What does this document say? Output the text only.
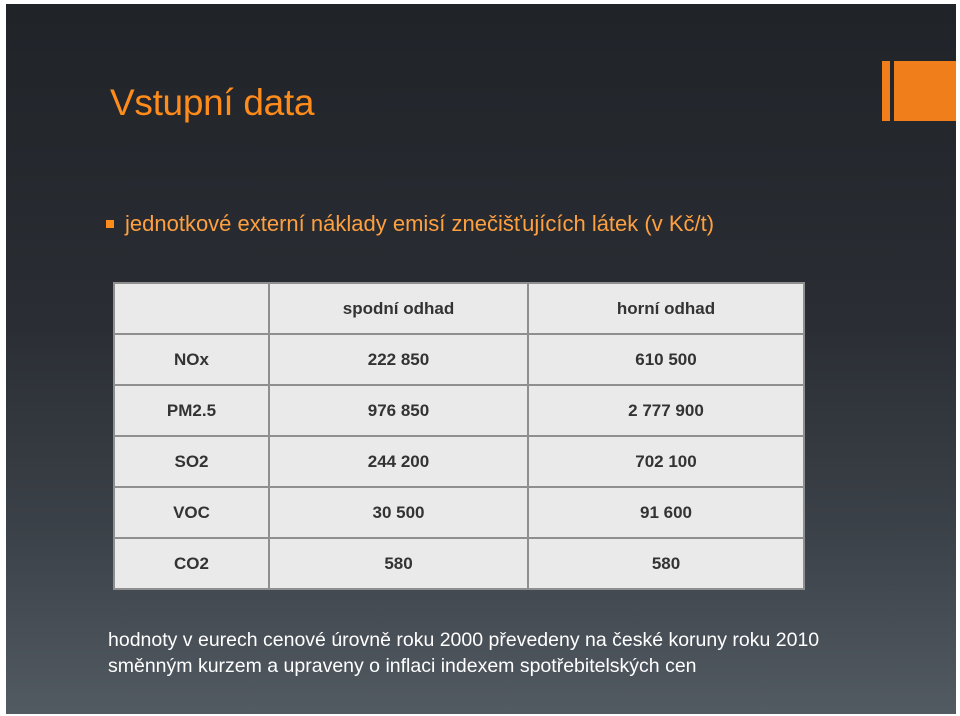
Vstupní data
jednotkové externí náklady emisí znečišťujících látek (v Kč/t)
	spodní odhad	horní odhad
NOx	222 850	610 500
PM2.5	976 850	2 777 900
SO2	244 200	702 100
VOC	30 500	91 600
CO2	580	580
hodnoty v eurech cenové úrovně roku 2000 převedeny na české koruny roku 2010
směnným kurzem a upraveny o inflaci indexem spotřebitelských cen
